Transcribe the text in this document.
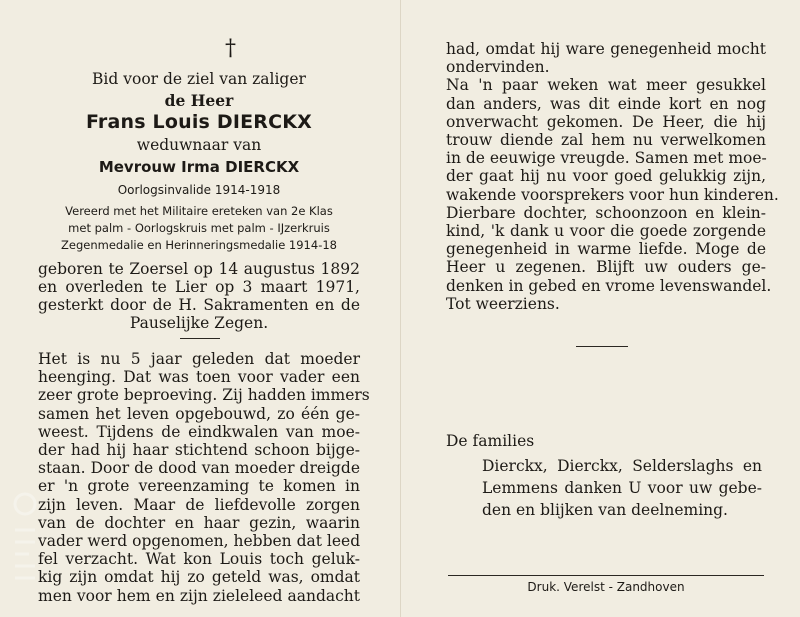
†
Bid voor de ziel van zaliger
de Heer
Frans Louis DIERCKX
weduwnaar van
Mevrouw Irma DIERCKX
Oorlogsinvalide 1914-1918
Vereerd met het Militaire ereteken van 2e Klas
met palm - Oorlogskruis met palm - IJzerkruis
Zegenmedalie en Herinneringsmedalie 1914-18
geboren te Zoersel op 14 augustus 1892
en overleden te Lier op 3 maart 1971,
gesterkt door de H. Sakramenten en de
Pauselijke Zegen.
Het is nu 5 jaar geleden dat moeder
heenging. Dat was toen voor vader een
zeer grote beproeving. Zij hadden immers
samen het leven opgebouwd, zo één ge-
weest. Tijdens de eindkwalen van moe-
der had hij haar stichtend schoon bijge-
staan. Door de dood van moeder dreigde
er 'n grote vereenzaming te komen in
zijn leven. Maar de liefdevolle zorgen
van de dochter en haar gezin, waarin
vader werd opgenomen, hebben dat leed
fel verzacht. Wat kon Louis toch geluk-
kig zijn omdat hij zo geteld was, omdat
men voor hem en zijn zieleleed aandacht
had, omdat hij ware genegenheid mocht
ondervinden.
Na 'n paar weken wat meer gesukkel
dan anders, was dit einde kort en nog
onverwacht gekomen. De Heer, die hij
trouw diende zal hem nu verwelkomen
in de eeuwige vreugde. Samen met moe-
der gaat hij nu voor goed gelukkig zijn,
wakende voorsprekers voor hun kinderen.
Dierbare dochter, schoonzoon en klein-
kind, 'k dank u voor die goede zorgende
genegenheid in warme liefde. Moge de
Heer u zegenen. Blijft uw ouders ge-
denken in gebed en vrome levenswandel.
Tot weerziens.
De families
Dierckx, Dierckx, Selderslaghs en
Lemmens danken U voor uw gebe-
den en blijken van deelneming.
Druk. Verelst - Zandhoven
